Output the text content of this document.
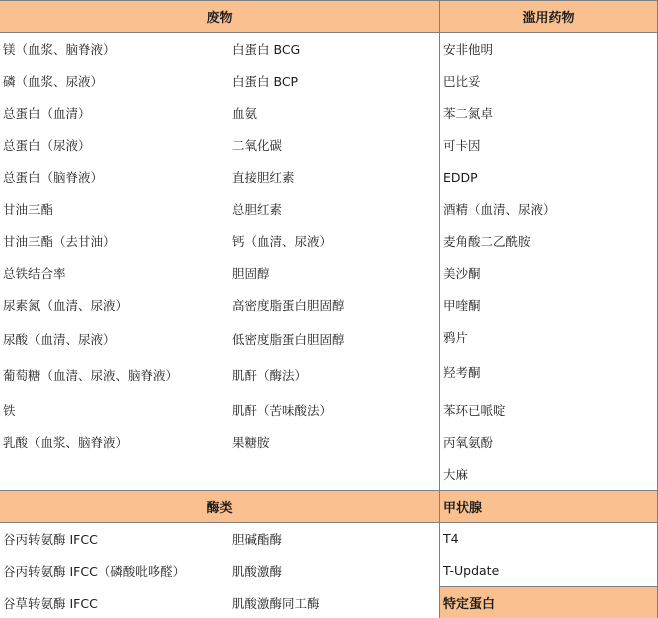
废物	滥用药物
镁（血浆、脑脊液）
磷（血浆、尿液）
总蛋白（血清）
总蛋白（尿液）
总蛋白（脑脊液）
甘油三酯
甘油三酯（去甘油）
总铁结合率
尿素氮（血清、尿液）
尿酸（血清、尿液）
葡萄糖（血清、尿液、脑脊液）
铁
乳酸（血浆、脑脊液）
白蛋白 BCG
白蛋白 BCP
血氨
二氧化碳
直接胆红素
总胆红素
钙（血清、尿液）
胆固醇
高密度脂蛋白胆固醇
低密度脂蛋白胆固醇
肌酐（酶法）
肌酐（苦味酸法）
果糖胺
安非他明
巴比妥
苯二氮卓
可卡因
EDDP
酒精（血清、尿液）
麦角酸二乙酰胺
美沙酮
甲喹酮
鸦片
羟考酮
苯环已哌啶
丙氧氨酚
大麻
酶类	甲状腺
谷丙转氨酶 IFCC
谷丙转氨酶 IFCC（磷酸吡哆醛）
谷草转氨酶 IFCC
胆碱酯酶
肌酸激酶
肌酸激酶同工酶
T4
T-Update
特定蛋白
